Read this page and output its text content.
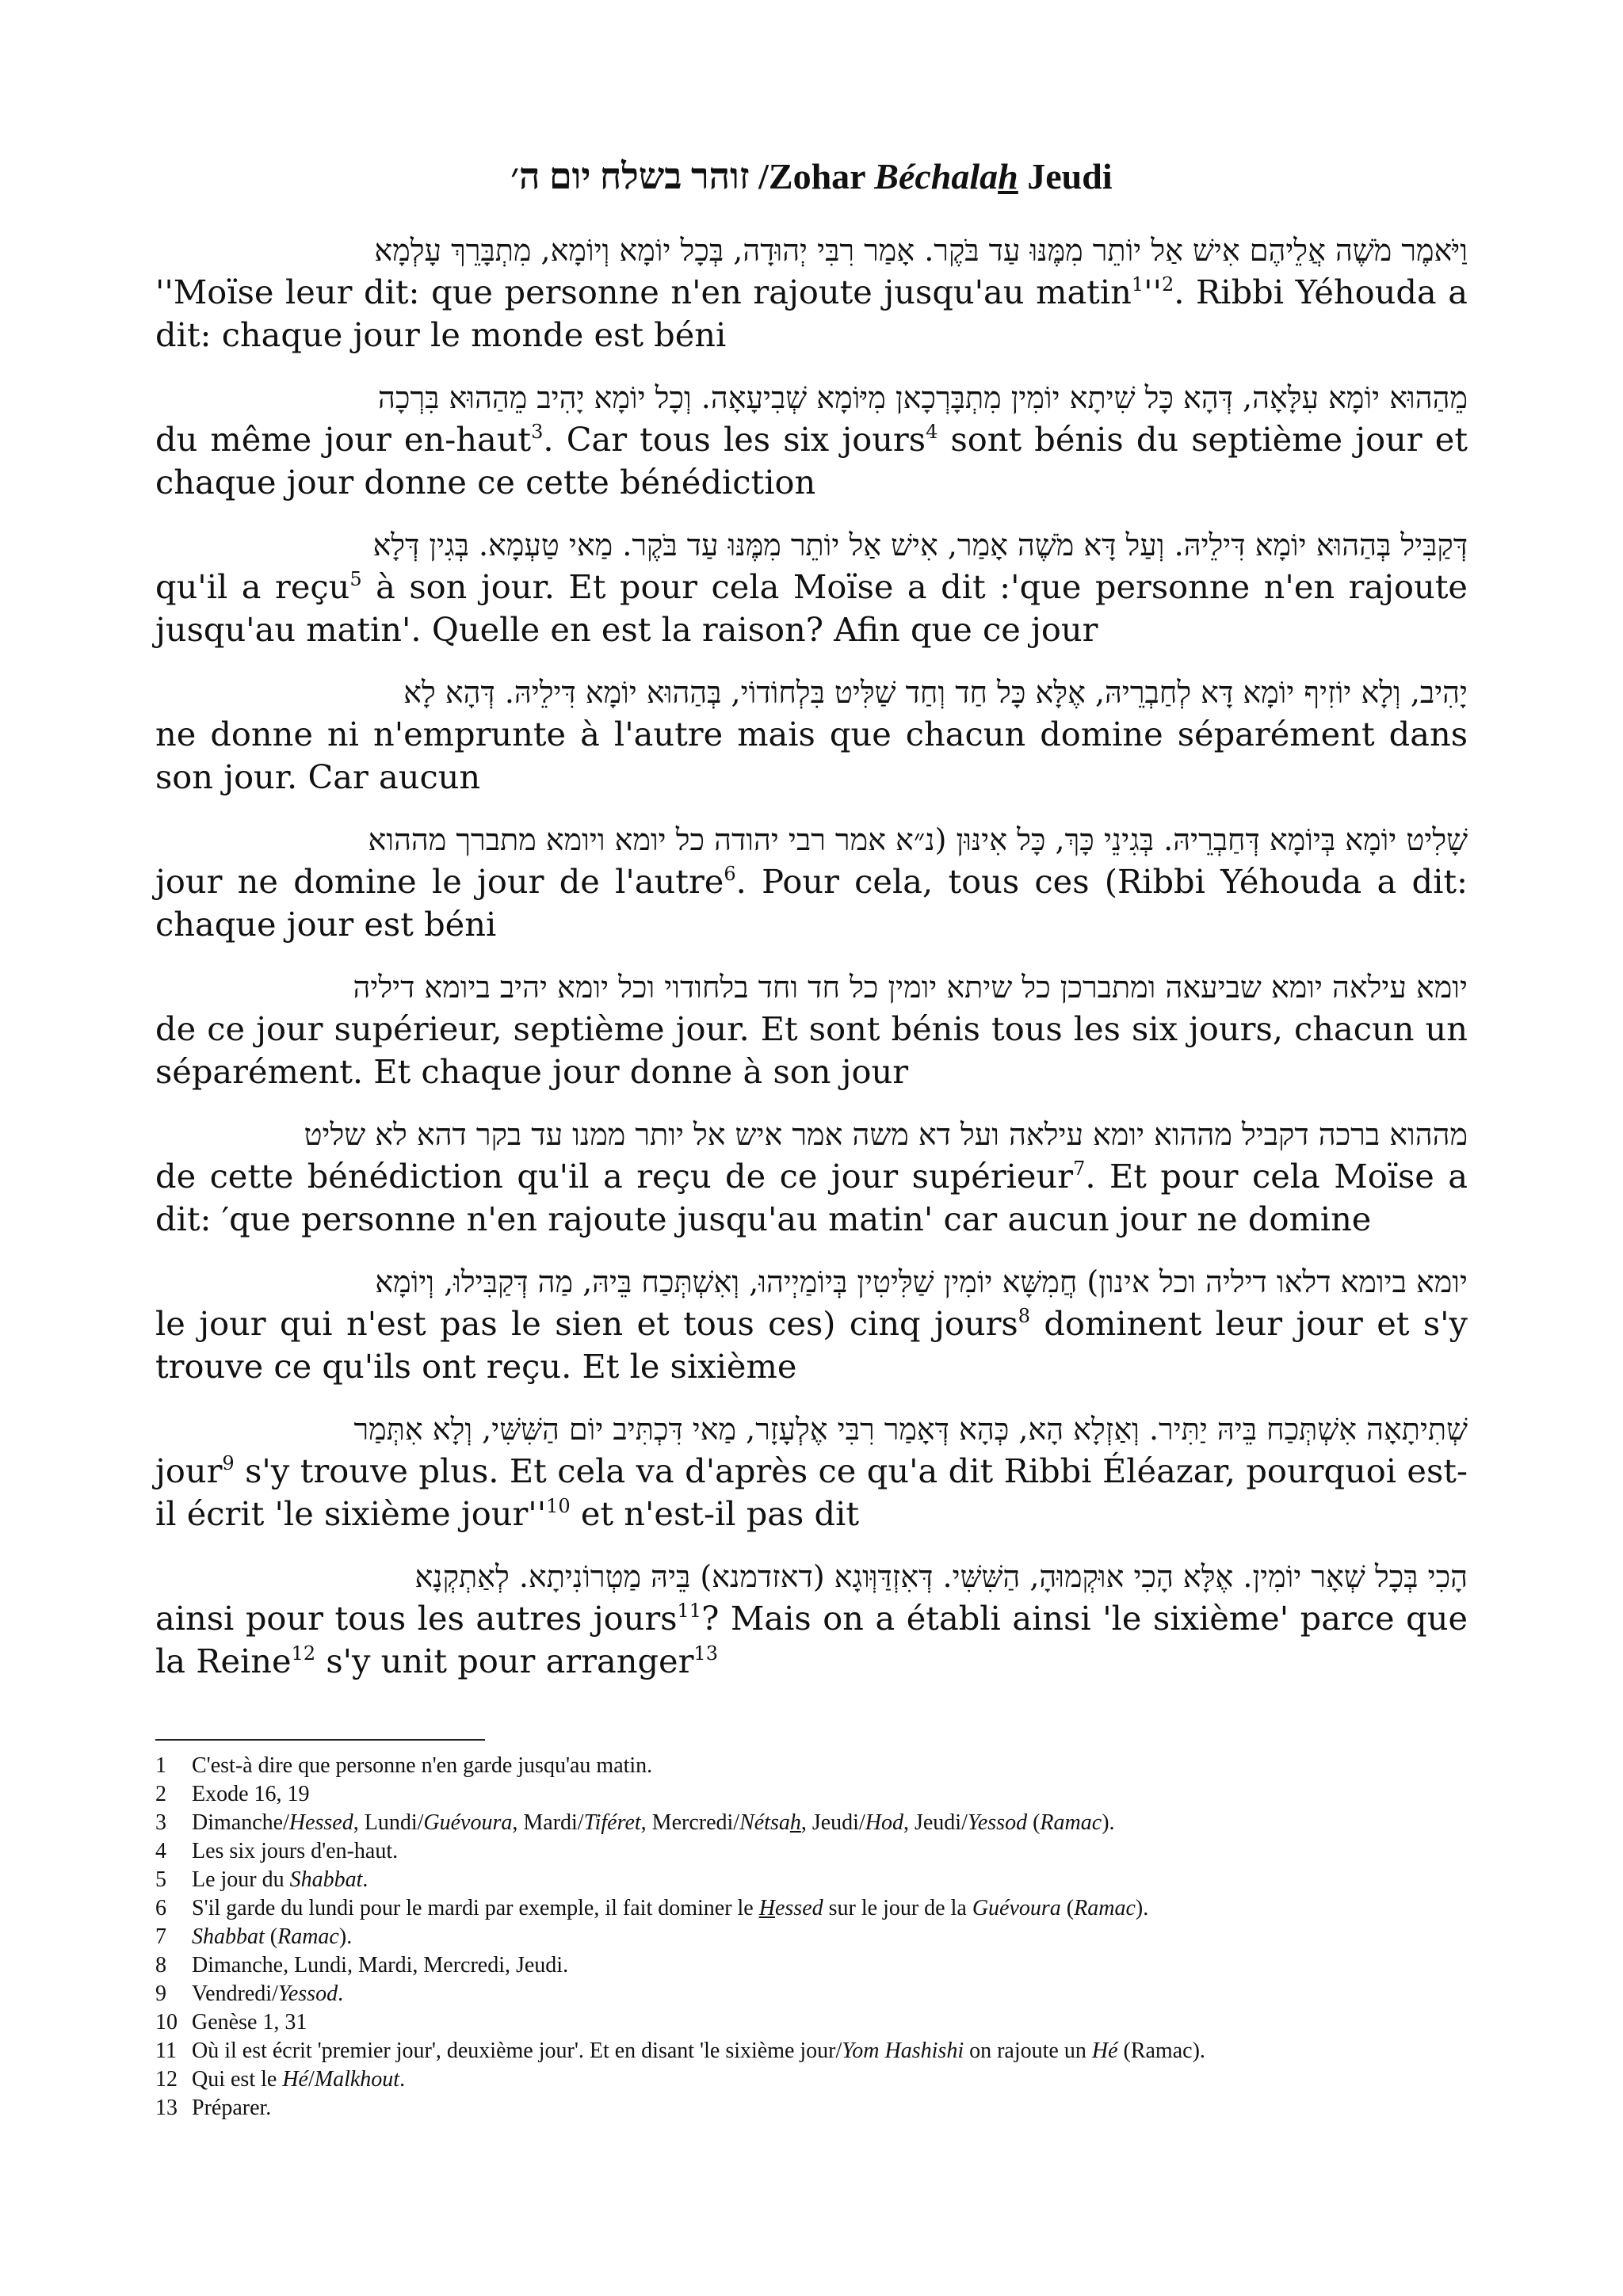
זוהר בשלח יום ה׳ /Zohar Béchalah Jeudi
וַיֹּאמֶר מֹשֶׁה אֲלֵיהֶם אִישׁ אַל יוֹתֵר מִמֶּנּוּ עַד בֹּקֶר. אָמַר רִבִּי יְהוּדָה, בְּכָל יוֹמָא וְיוֹמָא, מִתְבָּרֵךְ עָלְמָא
''Moïse leur dit: que personne n'en rajoute jusqu'au $matin^1''^2$. Ribbi Yéhouda a dit: chaque jour le monde est béni
מֵהַהוּא יוֹמָא עִלָּאָה, דְּהָא כָּל שִׁיתָא יוֹמִין מִתְבָּרְכָאן מִיּוֹמָא שְׁבִיעָאָה. וְכָל יוֹמָא יָהִיב מֵהַהוּא בִּרְכָה
du même jour en-haut$^3$. Car tous les six jours$^4$ sont bénis du septième jour et chaque jour donne ce cette bénédiction
דְּקַבִּיל בְּהַהוּא יוֹמָא דִּילֵיהּ. וְעַל דָּא מֹשֶׁה אָמַר, אִישׁ אַל יוֹתֵר מִמֶּנּוּ עַד בֹּקֶר. מַאי טַעְמָא. בְּגִין דְּלָא
qu'il a reçu$^5$ à son jour. Et pour cela Moïse a dit :'que personne n'en rajoute jusqu'au matin'. Quelle en est la raison? Afin que ce jour
יָהִיב, וְלָא יוֹזִיף יוֹמָא דָּא לְחַבְרֵיהּ, אֶלָּא כָּל חַד וְחַד שַׁלִּיט בִּלְחוֹדוֹי, בְּהַהוּא יוֹמָא דִּילֵיהּ. דְּהָא לָא
ne donne ni n'emprunte à l'autre mais que chacun domine séparément dans son jour. Car aucun
שָׁלִיט יוֹמָא בְּיוֹמָא דְּחַבְרֵיהּ. בְּגִינֵי כָּךְ, כָּל אִינּוּן (נ״א אמר רבי יהודה כל יומא ויומא מתברך מההוא
jour ne domine le jour de l'autre$^6$. Pour cela, tous ces (Ribbi Yéhouda a dit: chaque jour est béni
יומא עילאה יומא שביעאה ומתברכן כל שיתא יומין כל חד וחד בלחודוי וכל יומא יהיב ביומא דיליה
de ce jour supérieur, septième jour. Et sont bénis tous les six jours, chacun un séparément. Et chaque jour donne à son jour
מההוא ברכה דקביל מההוא יומא עילאה ועל דא משה אמר איש אל יותר ממנו עד בקר דהא לא שליט
de cette bénédiction qu'il a reçu de ce jour supérieur$^7$. Et pour cela Moïse a dit: ′que personne n'en rajoute jusqu'au matin' car aucun jour ne domine
יומא ביומא דלאו דיליה וכל אינון) חֲמִשָּׁא יוֹמִין שַׁלִּיטִין בְּיוֹמַיְיהוּ, וְאִשְׁתְּכַח בֵּיהּ, מַה דְּקַבִּילוּ, וְיוֹמָא
le jour qui n'est pas le sien et tous ces) cinq jours$^8$ dominent leur jour et s'y trouve ce qu'ils ont reçu. Et le sixième
שְׁתִיתָאָה אִשְׁתְּכַח בֵּיהּ יַתִּיר. וְאַזְלָא הָא, כְּהָא דְּאָמַר רִבִּי אֶלְעָזָר, מַאי דִּכְתִּיב יוֹם הַשִּׁשִּׁי, וְלָא אִתְּמַר
jour$^9$ s'y trouve plus. Et cela va d'après ce qu'a dit Ribbi Éléazar, pourquoi est-il écrit 'le sixième $jour''^{10}$ et n'est-il pas dit
הָכִי בְּכָל שְׁאָר יוֹמִין. אֶלָּא הָכִי אוּקְמוּהָ, הַשִּׁשִּׁי. דְּאִזְדַּוְּוגָא (דאזדמנא) בֵּיהּ מַטְרוֹנִיתָא. לְאַתְקְנָא
ainsi pour tous les autres jours$^{11}$? Mais on a établi ainsi 'le sixième' parce que la Reine$^{12}$ s'y unit pour arranger$^{13}$
1	C'est-à dire que personne n'en garde jusqu'au matin.
2	Exode 16, 19
3	Dimanche/Hessed, Lundi/Guévoura, Mardi/Tiféret, Mercredi/Nétsah, Jeudi/Hod, Jeudi/Yessod (Ramac).
4	Les six jours d'en-haut.
5	Le jour du Shabbat.
6	S'il garde du lundi pour le mardi par exemple, il fait dominer le Hessed sur le jour de la Guévoura (Ramac).
7	Shabbat (Ramac).
8	Dimanche, Lundi, Mardi, Mercredi, Jeudi.
9	Vendredi/Yessod.
10 Genèse 1, 31
11 Où il est écrit 'premier jour', deuxième jour'. Et en disant 'le sixième jour/Yom Hashishi on rajoute un Hé (Ramac).
12 Qui est le Hé/Malkhout.
13 Préparer.
